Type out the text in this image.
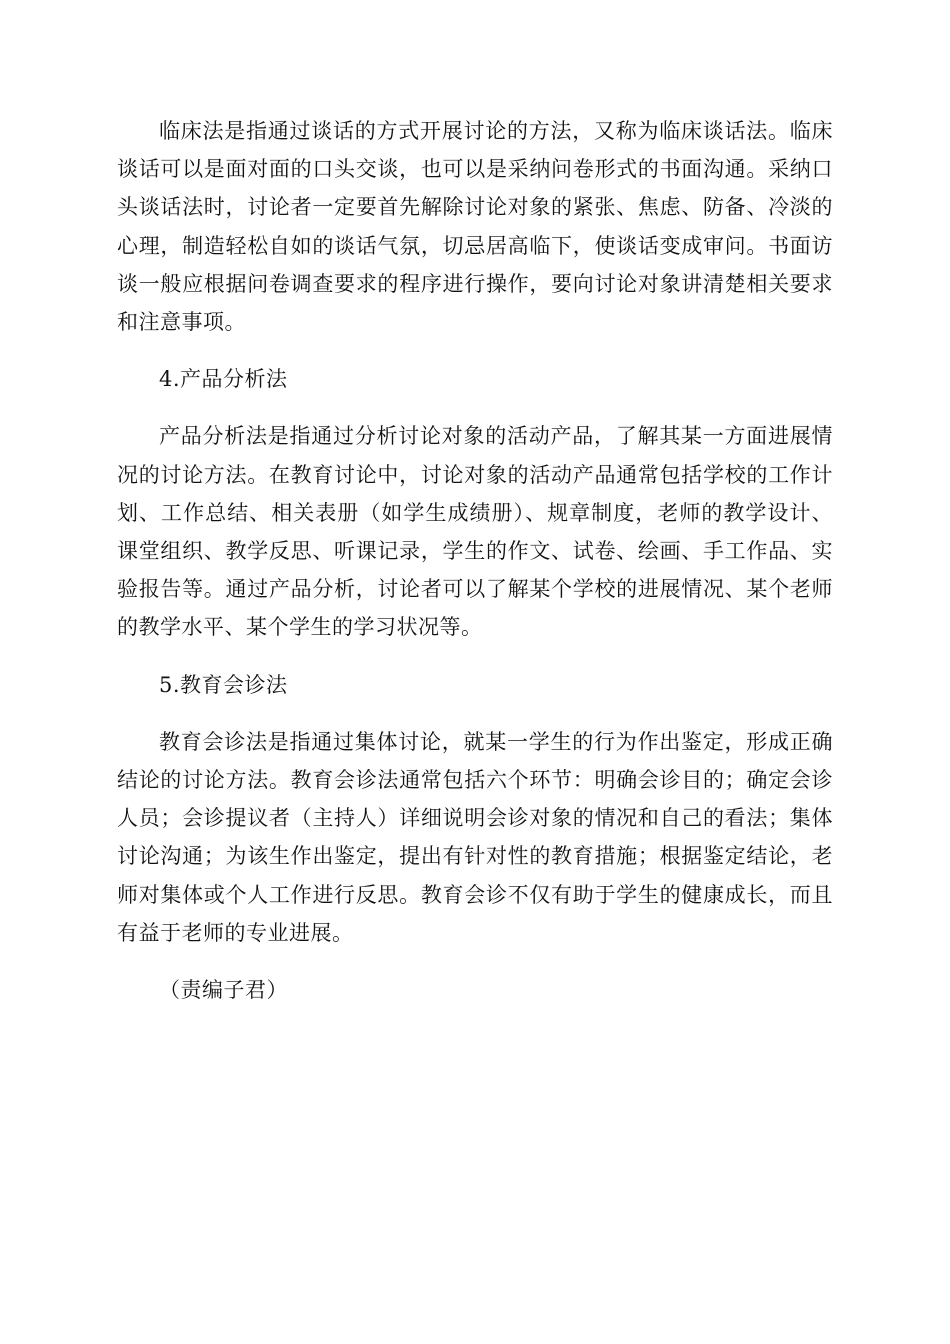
临床法是指通过谈话的方式开展讨论的方法，又称为临床谈话法。临床谈话可以是面对面的口头交谈，也可以是采纳问卷形式的书面沟通。采纳口头谈话法时，讨论者一定要首先解除讨论对象的紧张、焦虑、防备、冷淡的心理，制造轻松自如的谈话气氛，切忌居高临下，使谈话变成审问。书面访谈一般应根据问卷调查要求的程序进行操作，要向讨论对象讲清楚相关要求和注意事项。

4.产品分析法

产品分析法是指通过分析讨论对象的活动产品，了解其某一方面进展情况的讨论方法。在教育讨论中，讨论对象的活动产品通常包括学校的工作计划、工作总结、相关表册（如学生成绩册）、规章制度，老师的教学设计、课堂组织、教学反思、听课记录，学生的作文、试卷、绘画、手工作品、实验报告等。通过产品分析，讨论者可以了解某个学校的进展情况、某个老师的教学水平、某个学生的学习状况等。

5.教育会诊法

教育会诊法是指通过集体讨论，就某一学生的行为作出鉴定，形成正确结论的讨论方法。教育会诊法通常包括六个环节：明确会诊目的；确定会诊人员；会诊提议者（主持人）详细说明会诊对象的情况和自己的看法；集体讨论沟通；为该生作出鉴定，提出有针对性的教育措施；根据鉴定结论，老师对集体或个人工作进行反思。教育会诊不仅有助于学生的健康成长，而且有益于老师的专业进展。

（责编子君）
